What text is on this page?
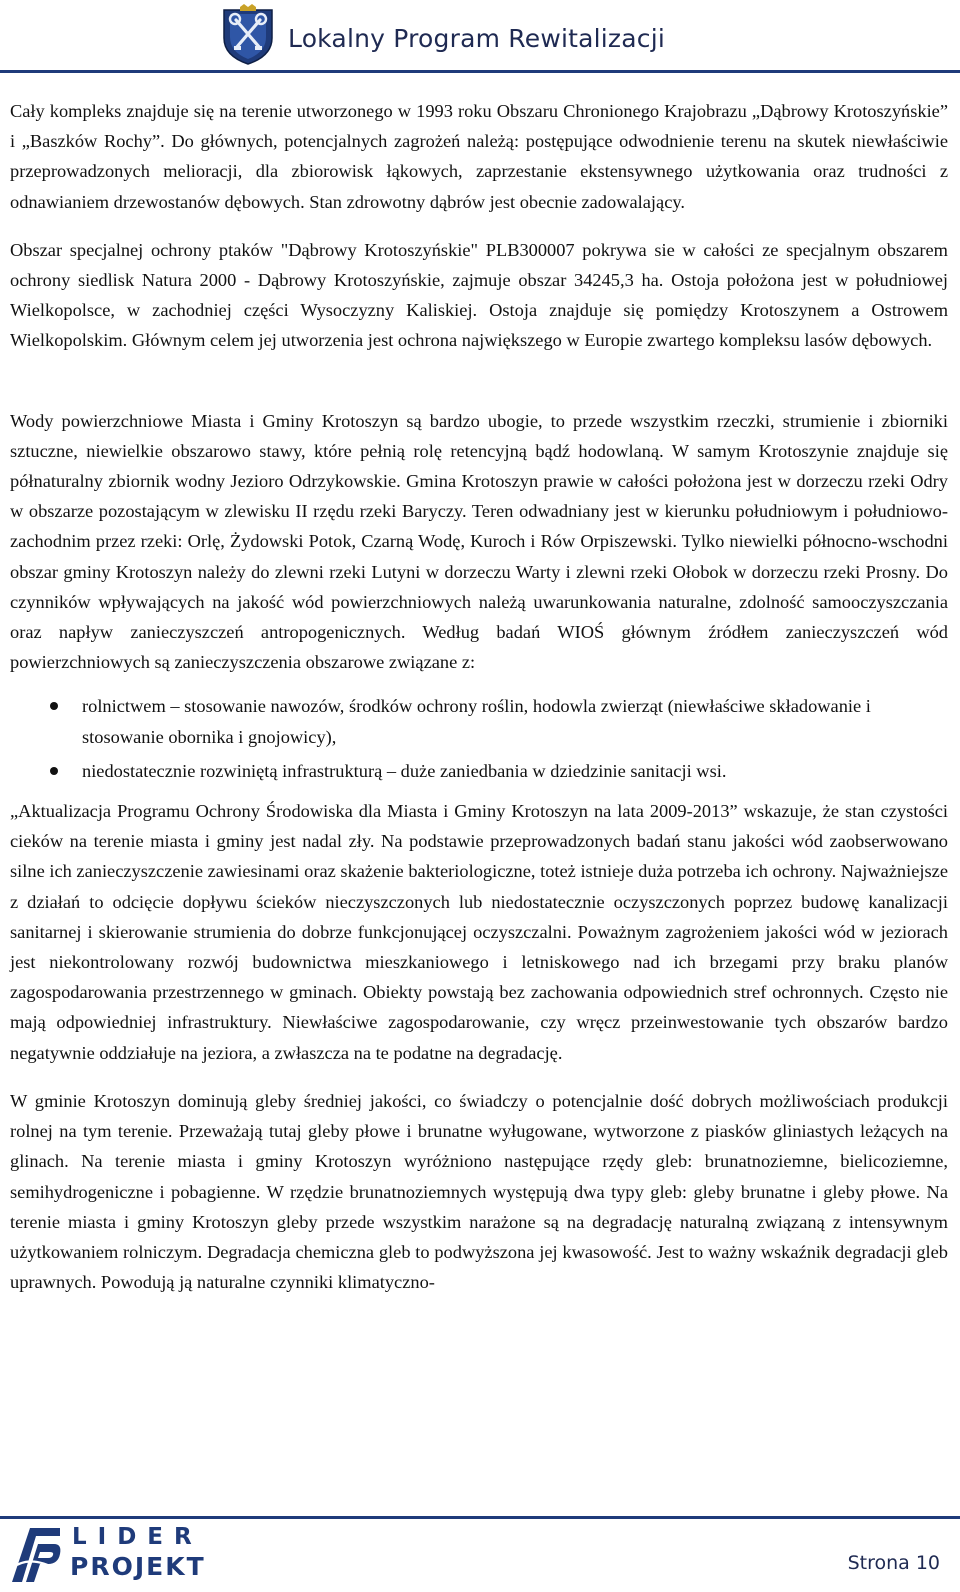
Lokalny Program Rewitalizacji

Cały kompleks znajduje się na terenie utworzonego w 1993 roku Obszaru Chronionego Krajobrazu „Dąbrowy Krotoszyńskie” i „Baszków Rochy”. Do głównych, potencjalnych zagrożeń należą: postępujące odwodnienie terenu na skutek niewłaściwie przeprowadzonych melioracji, dla zbiorowisk łąkowych, zaprzestanie ekstensywnego użytkowania oraz trudności z odnawianiem drzewostanów dębowych. Stan zdrowotny dąbrów jest obecnie zadowalający.

Obszar specjalnej ochrony ptaków "Dąbrowy Krotoszyńskie" PLB300007 pokrywa sie w całości ze specjalnym obszarem ochrony siedlisk Natura 2000 - Dąbrowy Krotoszyńskie, zajmuje obszar 34245,3 ha. Ostoja położona jest w południowej Wielkopolsce, w zachodniej części Wysoczyzny Kaliskiej. Ostoja znajduje się pomiędzy Krotoszynem a Ostrowem Wielkopolskim. Głównym celem jej utworzenia jest ochrona największego w Europie zwartego kompleksu lasów dębowych.

Wody powierzchniowe Miasta i Gminy Krotoszyn są bardzo ubogie, to przede wszystkim rzeczki, strumienie i zbiorniki sztuczne, niewielkie obszarowo stawy, które pełnią rolę retencyjną bądź hodowlaną. W samym Krotoszynie znajduje się półnaturalny zbiornik wodny Jezioro Odrzykowskie. Gmina Krotoszyn prawie w całości położona jest w dorzeczu rzeki Odry w obszarze pozostającym w zlewisku II rzędu rzeki Baryczy. Teren odwadniany jest w kierunku południowym i południowo-zachodnim przez rzeki: Orlę, Żydowski Potok, Czarną Wodę, Kuroch i Rów Orpiszewski. Tylko niewielki północno-wschodni obszar gminy Krotoszyn należy do zlewni rzeki Lutyni w dorzeczu Warty i zlewni rzeki Ołobok w dorzeczu rzeki Prosny. Do czynników wpływających na jakość wód powierzchniowych należą uwarunkowania naturalne, zdolność samooczyszczania oraz napływ zanieczyszczeń antropogenicznych. Według badań WIOŚ głównym źródłem zanieczyszczeń wód powierzchniowych są zanieczyszczenia obszarowe związane z:

rolnictwem – stosowanie nawozów, środków ochrony roślin, hodowla zwierząt (niewłaściwe składowanie i stosowanie obornika i gnojowicy),
niedostatecznie rozwiniętą infrastrukturą – duże zaniedbania w dziedzinie sanitacji wsi.

„Aktualizacja Programu Ochrony Środowiska dla Miasta i Gminy Krotoszyn na lata 2009-2013” wskazuje, że stan czystości cieków na terenie miasta i gminy jest nadal zły. Na podstawie przeprowadzonych badań stanu jakości wód zaobserwowano silne ich zanieczyszczenie zawiesinami oraz skażenie bakteriologiczne, toteż istnieje duża potrzeba ich ochrony. Najważniejsze z działań to odcięcie dopływu ścieków nieczyszczonych lub niedostatecznie oczyszczonych poprzez budowę kanalizacji sanitarnej i skierowanie strumienia do dobrze funkcjonującej oczyszczalni. Poważnym zagrożeniem jakości wód w jeziorach jest niekontrolowany rozwój budownictwa mieszkaniowego i letniskowego nad ich brzegami przy braku planów zagospodarowania przestrzennego w gminach. Obiekty powstają bez zachowania odpowiednich stref ochronnych. Często nie mają odpowiedniej infrastruktury. Niewłaściwe zagospodarowanie, czy wręcz przeinwestowanie tych obszarów bardzo negatywnie oddziałuje na jeziora, a zwłaszcza na te podatne na degradację.

W gminie Krotoszyn dominują gleby średniej jakości, co świadczy o potencjalnie dość dobrych możliwościach produkcji rolnej na tym terenie. Przeważają tutaj gleby płowe i brunatne wyługowane, wytworzone z piasków gliniastych leżących na glinach. Na terenie miasta i gminy Krotoszyn wyróżniono następujące rzędy gleb: brunatnoziemne, bielicoziemne, semihydrogeniczne i pobagienne. W rzędzie brunatnoziemnych występują dwa typy gleb: gleby brunatne i gleby płowe. Na terenie miasta i gminy Krotoszyn gleby przede wszystkim narażone są na degradację naturalną związaną z intensywnym użytkowaniem rolniczym. Degradacja chemiczna gleb to podwyższona jej kwasowość. Jest to ważny wskaźnik degradacji gleb uprawnych. Powodują ją naturalne czynniki klimatyczno-

LIDER
PROJEKT	Strona 10
